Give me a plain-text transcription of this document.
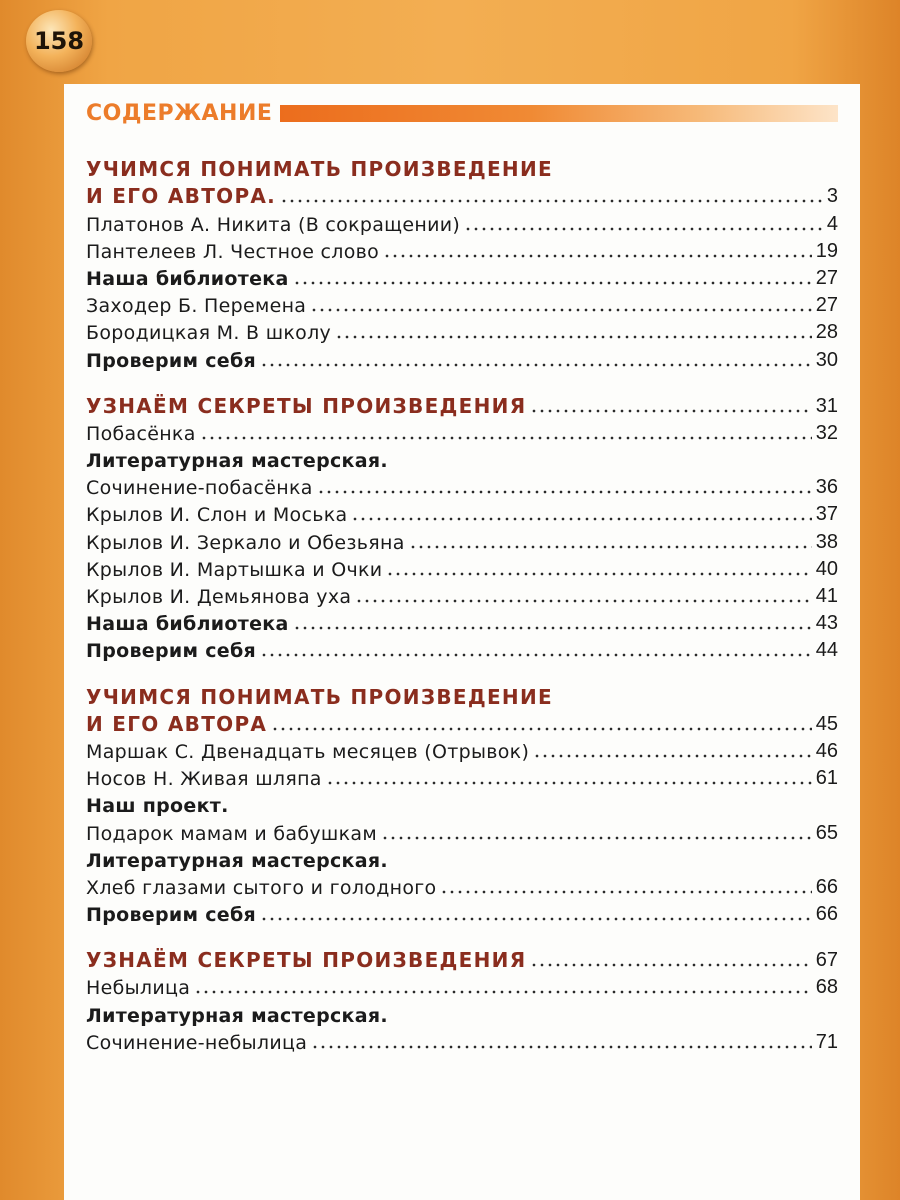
158
СОДЕРЖАНИЕ
УЧИМСЯ ПОНИМАТЬ ПРОИЗВЕДЕНИЕ
И ЕГО АВТОРА.	3
Платонов А. Никита (В сокращении)	4
Пантелеев Л. Честное слово	19
Наша библиотека	27
Заходер Б. Перемена	27
Бородицкая М. В школу	28
Проверим себя	30
УЗНАЁМ СЕКРЕТЫ ПРОИЗВЕДЕНИЯ	31
Побасёнка	32
Литературная мастерская.
Сочинение-побасёнка	36
Крылов И. Слон и Моська	37
Крылов И. Зеркало и Обезьяна	38
Крылов И. Мартышка и Очки	40
Крылов И. Демьянова уха	41
Наша библиотека	43
Проверим себя	44
УЧИМСЯ ПОНИМАТЬ ПРОИЗВЕДЕНИЕ
И ЕГО АВТОРА	45
Маршак С. Двенадцать месяцев (Отрывок)	46
Носов Н. Живая шляпа	61
Наш проект.
Подарок мамам и бабушкам	65
Литературная мастерская.
Хлеб глазами сытого и голодного	66
Проверим себя	66
УЗНАЁМ СЕКРЕТЫ ПРОИЗВЕДЕНИЯ	67
Небылица	68
Литературная мастерская.
Сочинение-небылица	71
